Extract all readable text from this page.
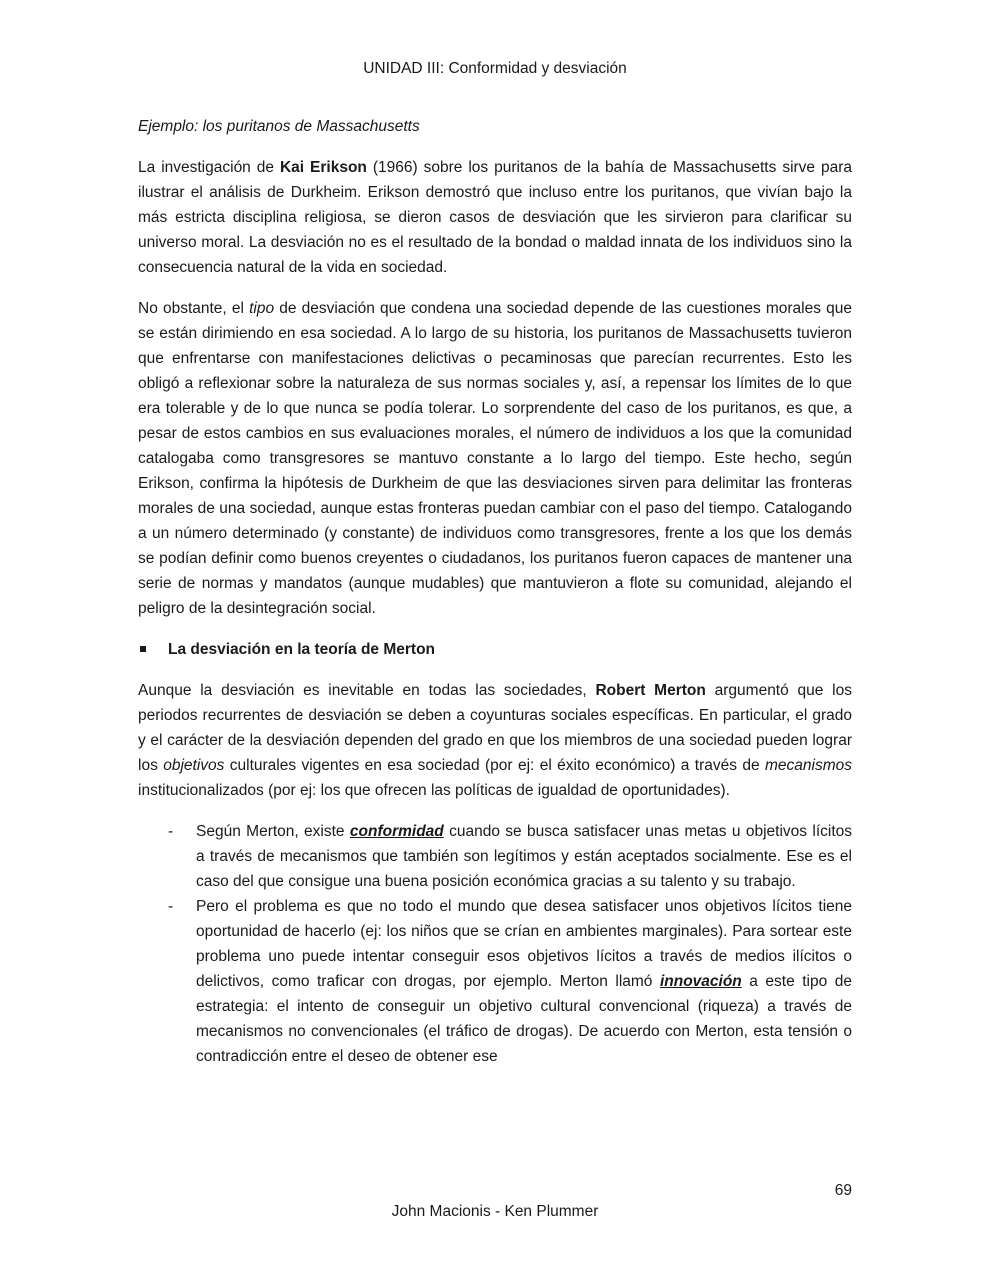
UNIDAD III: Conformidad y desviación

Ejemplo: los puritanos de Massachusetts

La investigación de Kai Erikson (1966) sobre los puritanos de la bahía de Massachusetts sirve para ilustrar el análisis de Durkheim. Erikson demostró que incluso entre los puritanos, que vivían bajo la más estricta disciplina religiosa, se dieron casos de desviación que les sirvieron para clarificar su universo moral. La desviación no es el resultado de la bondad o maldad innata de los individuos sino la consecuencia natural de la vida en sociedad.

No obstante, el tipo de desviación que condena una sociedad depende de las cuestiones morales que se están dirimiendo en esa sociedad. A lo largo de su historia, los puritanos de Massachusetts tuvieron que enfrentarse con manifestaciones delictivas o pecaminosas que parecían recurrentes. Esto les obligó a reflexionar sobre la naturaleza de sus normas sociales y, así, a repensar los límites de lo que era tolerable y de lo que nunca se podía tolerar. Lo sorprendente del caso de los puritanos, es que, a pesar de estos cambios en sus evaluaciones morales, el número de individuos a los que la comunidad catalogaba como transgresores se mantuvo constante a lo largo del tiempo. Este hecho, según Erikson, confirma la hipótesis de Durkheim de que las desviaciones sirven para delimitar las fronteras morales de una sociedad, aunque estas fronteras puedan cambiar con el paso del tiempo. Catalogando a un número determinado (y constante) de individuos como transgresores, frente a los que los demás se podían definir como buenos creyentes o ciudadanos, los puritanos fueron capaces de mantener una serie de normas y mandatos (aunque mudables) que mantuvieron a flote su comunidad, alejando el peligro de la desintegración social.

La desviación en la teoría de Merton

Aunque la desviación es inevitable en todas las sociedades, Robert Merton argumentó que los periodos recurrentes de desviación se deben a coyunturas sociales específicas. En particular, el grado y el carácter de la desviación dependen del grado en que los miembros de una sociedad pueden lograr los objetivos culturales vigentes en esa sociedad (por ej: el éxito económico) a través de mecanismos institucionalizados (por ej: los que ofrecen las políticas de igualdad de oportunidades).

- Según Merton, existe conformidad cuando se busca satisfacer unas metas u objetivos lícitos a través de mecanismos que también son legítimos y están aceptados socialmente. Ese es el caso del que consigue una buena posición económica gracias a su talento y su trabajo.
- Pero el problema es que no todo el mundo que desea satisfacer unos objetivos lícitos tiene oportunidad de hacerlo (ej: los niños que se crían en ambientes marginales). Para sortear este problema uno puede intentar conseguir esos objetivos lícitos a través de medios ilícitos o delictivos, como traficar con drogas, por ejemplo. Merton llamó innovación a este tipo de estrategia: el intento de conseguir un objetivo cultural convencional (riqueza) a través de mecanismos no convencionales (el tráfico de drogas). De acuerdo con Merton, esta tensión o contradicción entre el deseo de obtener ese
69
John Macionis - Ken Plummer
